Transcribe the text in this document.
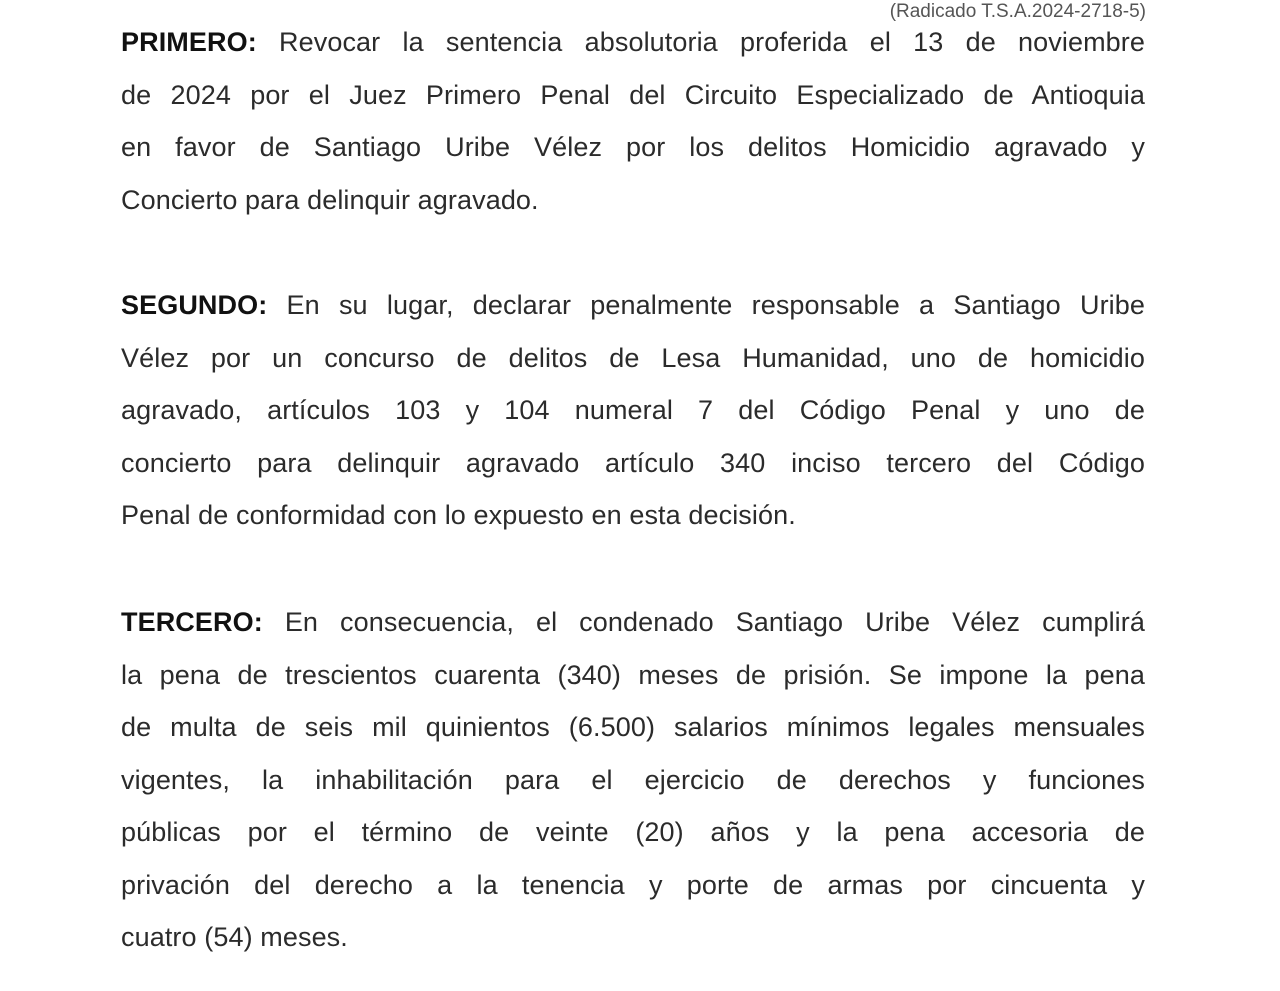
(Radicado T.S.A.2024-2718-5)
PRIMERO: Revocar la sentencia absolutoria proferida el 13 de noviembre
de 2024 por el Juez Primero Penal del Circuito Especializado de Antioquia
en favor de Santiago Uribe Vélez por los delitos Homicidio agravado y
Concierto para delinquir agravado.
SEGUNDO: En su lugar, declarar penalmente responsable a Santiago Uribe
Vélez por un concurso de delitos de Lesa Humanidad, uno de homicidio
agravado, artículos 103 y 104 numeral 7 del Código Penal y uno de
concierto para delinquir agravado artículo 340 inciso tercero del Código
Penal de conformidad con lo expuesto en esta decisión.
TERCERO: En consecuencia, el condenado Santiago Uribe Vélez cumplirá
la pena de trescientos cuarenta (340) meses de prisión. Se impone la pena
de multa de seis mil quinientos (6.500) salarios mínimos legales mensuales
vigentes, la inhabilitación para el ejercicio de derechos y funciones
públicas por el término de veinte (20) años y la pena accesoria de
privación del derecho a la tenencia y porte de armas por cincuenta y
cuatro (54) meses.
